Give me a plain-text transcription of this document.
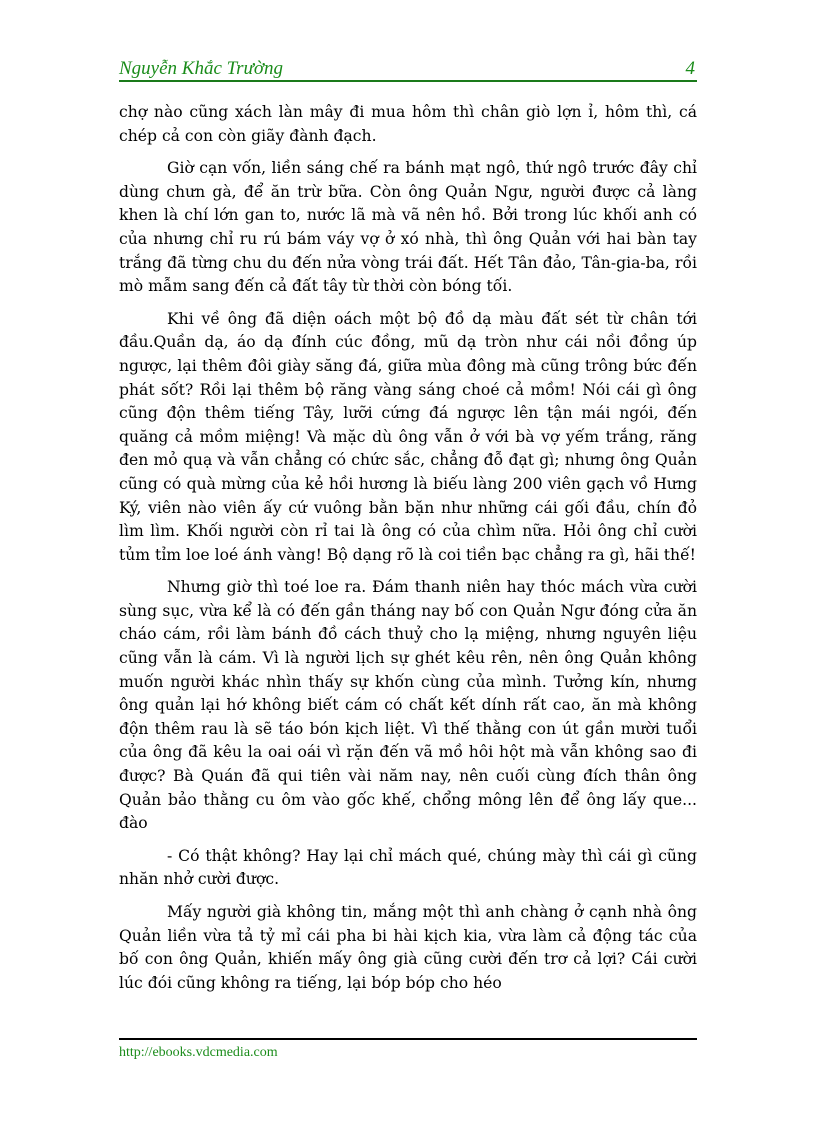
Nguyễn Khắc Trường	4

chợ nào cũng xách làn mây đi mua hôm thì chân giò lợn ỉ, hôm thì, cá chép cả con còn giãy đành đạch.

Giờ cạn vốn, liền sáng chế ra bánh mạt ngô, thứ ngô trước đây chỉ dùng chưn gà, để ăn trừ bữa. Còn ông Quản Ngư, người được cả làng khen là chí lớn gan to, nước lã mà vã nên hồ. Bởi trong lúc khối anh có của nhưng chỉ ru rú bám váy vợ ở xó nhà, thì ông Quản với hai bàn tay trắng đã từng chu du đến nửa vòng trái đất. Hết Tân đảo, Tân-gia-ba, rồi mò mẫm sang đến cả đất tây từ thời còn bóng tối.

Khi về ông đã diện oách một bộ đồ dạ màu đất sét từ chân tới đầu.Quần dạ, áo dạ đính cúc đồng, mũ dạ tròn như cái nồi đồng úp ngược, lại thêm đôi giày săng đá, giữa mùa đông mà cũng trông bức đến phát sốt? Rồi lại thêm bộ răng vàng sáng choé cả mồm! Nói cái gì ông cũng độn thêm tiếng Tây, lưỡi cứng đá ngược lên tận mái ngói, đến quăng cả mồm miệng! Và mặc dù ông vẫn ở với bà vợ yếm trắng, răng đen mỏ quạ và vẫn chẳng có chức sắc, chẳng đỗ đạt gì; nhưng ông Quản cũng có quà mừng của kẻ hồi hương là biếu làng 200 viên gạch vồ Hưng Ký, viên nào viên ấy cứ vuông bằn bặn như những cái gối đầu, chín đỏ lìm lìm. Khối người còn rỉ tai là ông có của chìm nữa. Hỏi ông chỉ cười tủm tỉm loe loé ánh vàng! Bộ dạng rõ là coi tiền bạc chẳng ra gì, hãi thế!

Nhưng giờ thì toé loe ra. Đám thanh niên hay thóc mách vừa cười sùng sục, vừa kể là có đến gần tháng nay bố con Quản Ngư đóng cửa ăn cháo cám, rồi làm bánh đồ cách thuỷ cho lạ miệng, nhưng nguyên liệu cũng vẫn là cám. Vì là người lịch sự ghét kêu rên, nên ông Quản không muốn người khác nhìn thấy sự khốn cùng của mình. Tưởng kín, nhưng ông quản lại hớ không biết cám có chất kết dính rất cao, ăn mà không độn thêm rau là sẽ táo bón kịch liệt. Vì thế thằng con út gần mười tuổi của ông đã kêu la oai oái vì rặn đến vã mồ hôi hột mà vẫn không sao đi được? Bà Quán đã qui tiên vài năm nay, nên cuối cùng đích thân ông Quản bảo thằng cu ôm vào gốc khế, chổng mông lên để ông lấy que... đào

- Có thật không? Hay lại chỉ mách qué, chúng mày thì cái gì cũng nhăn nhở cười được.

Mấy người già không tin, mắng một thì anh chàng ở cạnh nhà ông Quản liền vừa tả tỷ mỉ cái pha bi hài kịch kia, vừa làm cả động tác của bố con ông Quản, khiến mấy ông già cũng cười đến trơ cả lợi? Cái cười lúc đói cũng không ra tiếng, lại bóp bóp cho héo

http://ebooks.vdcmedia.com
